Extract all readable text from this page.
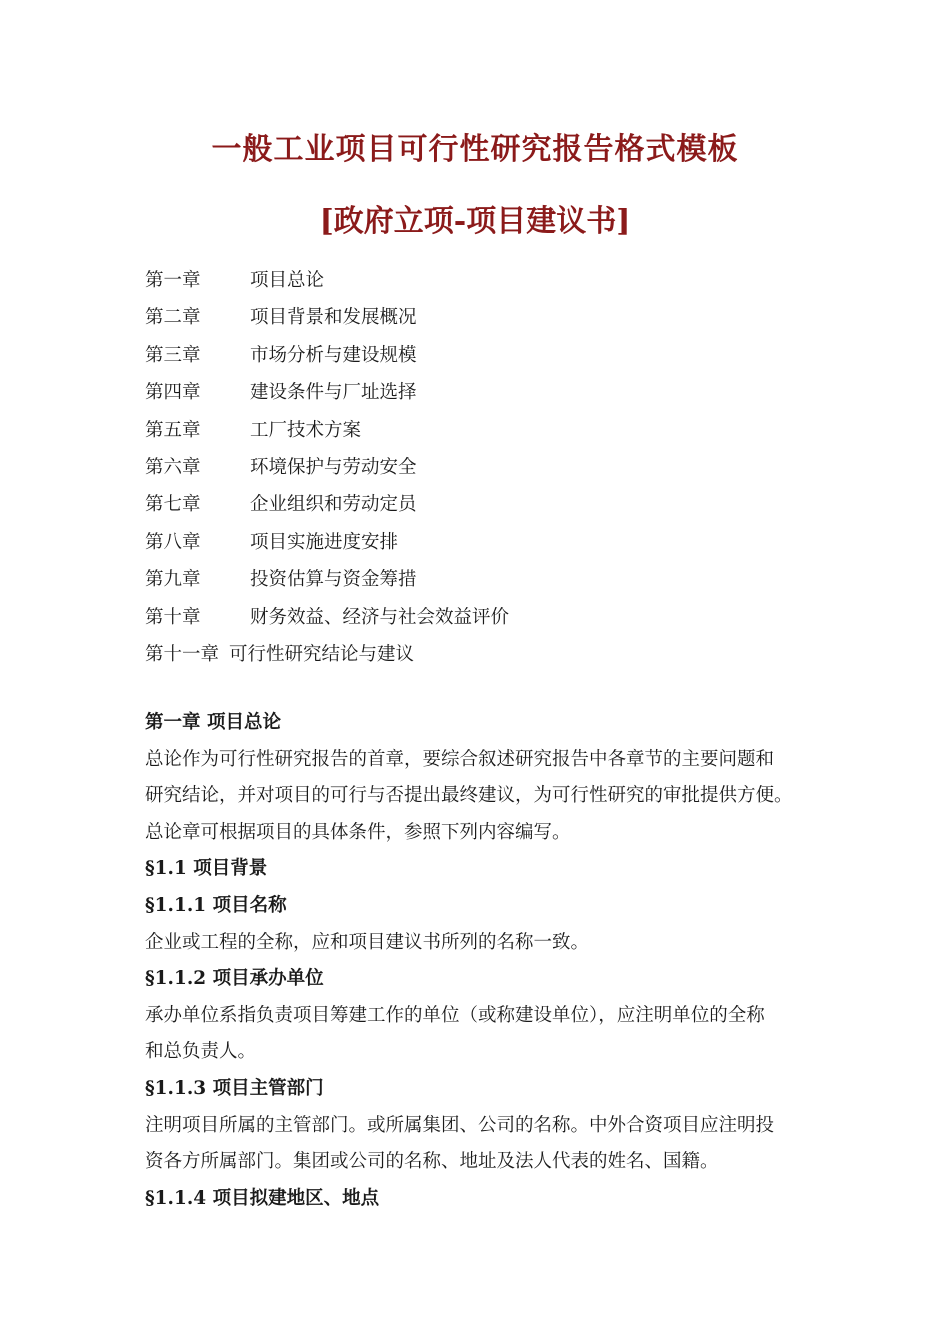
一般工业项目可行性研究报告格式模板
[政府立项-项目建议书]
第一章	项目总论
第二章	项目背景和发展概况
第三章	市场分析与建设规模
第四章	建设条件与厂址选择
第五章	工厂技术方案
第六章	环境保护与劳动安全
第七章	企业组织和劳动定员
第八章	项目实施进度安排
第九章	投资估算与资金筹措
第十章	财务效益、经济与社会效益评价
第十一章 可行性研究结论与建议
第一章 项目总论
总论作为可行性研究报告的首章，要综合叙述研究报告中各章节的主要问题和
研究结论，并对项目的可行与否提出最终建议，为可行性研究的审批提供方便。
总论章可根据项目的具体条件，参照下列内容编写。
§1.1 项目背景
§1.1.1 项目名称
企业或工程的全称，应和项目建议书所列的名称一致。
§1.1.2 项目承办单位
承办单位系指负责项目筹建工作的单位（或称建设单位），应注明单位的全称
和总负责人。
§1.1.3 项目主管部门
注明项目所属的主管部门。或所属集团、公司的名称。中外合资项目应注明投
资各方所属部门。集团或公司的名称、地址及法人代表的姓名、国籍。
§1.1.4 项目拟建地区、地点
